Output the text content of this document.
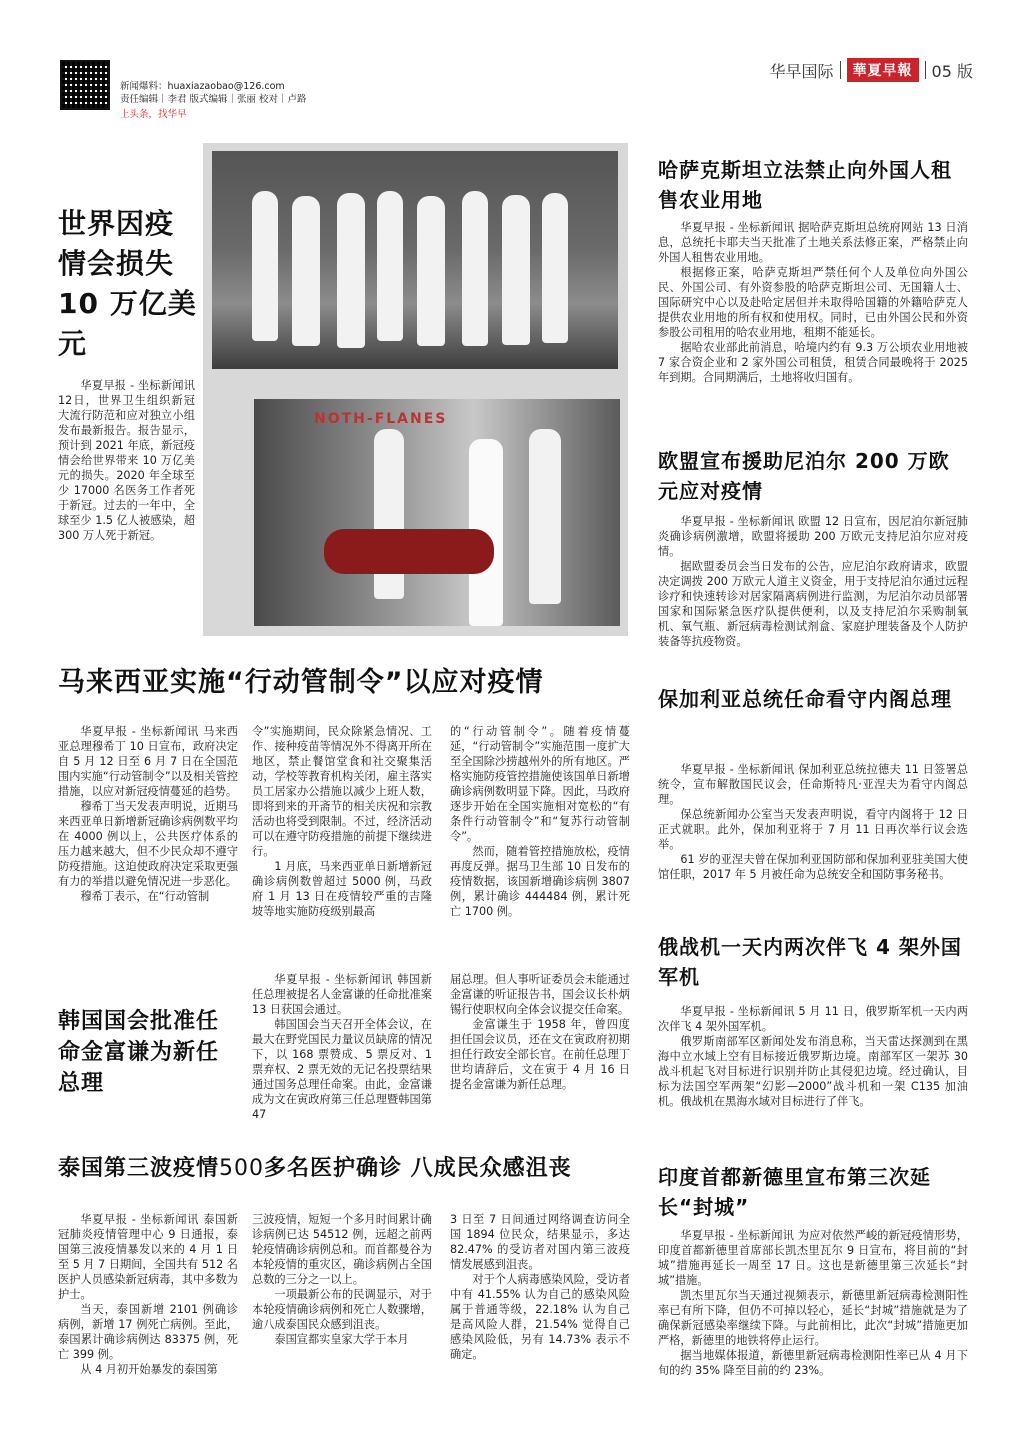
新闻爆料：huaxiazaobao@126.com
责任编辑｜李君 版式编辑｜张丽 校对｜卢路
上头条，找华早
华早国际	華夏早報	05 版
世界因疫情会损失10 万亿美元

华夏早报 - 坐标新闻讯 12日，世界卫生组织新冠大流行防范和应对独立小组发布最新报告。报告显示，预计到 2021 年底，新冠疫情会给世界带来 10 万亿美元的损失。2020 年全球至少 17000 名医务工作者死于新冠。过去的一年中，全球至少 1.5 亿人被感染，超 300 万人死于新冠。

NOTH-FLANES
哈萨克斯坦立法禁止向外国人租售农业用地

华夏早报 - 坐标新闻讯 据哈萨克斯坦总统府网站 13 日消息，总统托卡耶夫当天批准了土地关系法修正案，严格禁止向外国人租售农业用地。

根据修正案，哈萨克斯坦严禁任何个人及单位向外国公民、外国公司、有外资参股的哈萨克斯坦公司、无国籍人士、国际研究中心以及赴哈定居但并未取得哈国籍的外籍哈萨克人提供农业用地的所有权和使用权。同时，已由外国公民和外资参股公司租用的哈农业用地，租期不能延长。

据哈农业部此前消息，哈境内约有 9.3 万公顷农业用地被 7 家合资企业和 2 家外国公司租赁，租赁合同最晚将于 2025 年到期。合同期满后，土地将收归国有。

欧盟宣布援助尼泊尔 200 万欧元应对疫情

华夏早报 - 坐标新闻讯 欧盟 12 日宣布，因尼泊尔新冠肺炎确诊病例激增，欧盟将援助 200 万欧元支持尼泊尔应对疫情。

据欧盟委员会当日发布的公告，应尼泊尔政府请求，欧盟决定调拨 200 万欧元人道主义资金，用于支持尼泊尔通过远程诊疗和快速转诊对居家隔离病例进行监测，为尼泊尔动员部署国家和国际紧急医疗队提供便利，以及支持尼泊尔采购制氧机、氧气瓶、新冠病毒检测试剂盒、家庭护理装备及个人防护装备等抗疫物资。

马来西亚实施“行动管制令”以应对疫情

华夏早报 - 坐标新闻讯 马来西亚总理穆希丁 10 日宣布，政府决定自 5 月 12 日至 6 月 7 日在全国范围内实施“行动管制令”以及相关管控措施，以应对新冠疫情蔓延的趋势。

穆希丁当天发表声明说，近期马来西亚单日新增新冠确诊病例数平均在 4000 例以上，公共医疗体系的压力越来越大，但不少民众却不遵守防疫措施。这迫使政府决定采取更强有力的举措以避免情况进一步恶化。

穆希丁表示，在“行动管制

令”实施期间，民众除紧急情况、工作、接种疫苗等情况外不得离开所在地区，禁止餐馆堂食和社交聚集活动，学校等教育机构关闭，雇主落实员工居家办公措施以减少上班人数，即将到来的开斋节的相关庆祝和宗教活动也将受到限制。不过，经济活动可以在遵守防疫措施的前提下继续进行。

1 月底，马来西亚单日新增新冠确诊病例数曾超过 5000 例，马政府 1 月 13 日在疫情较严重的吉隆坡等地实施防疫级别最高

的“行动管制令”。随着疫情蔓延，“行动管制令”实施范围一度扩大至全国除沙捞越州外的所有地区。严格实施防疫管控措施使该国单日新增确诊病例数明显下降。因此，马政府逐步开始在全国实施相对宽松的“有条件行动管制令”和“复苏行动管制令”。

然而，随着管控措施放松，疫情再度反弹。据马卫生部 10 日发布的疫情数据，该国新增确诊病例 3807 例，累计确诊 444484 例，累计死亡 1700 例。

韩国国会批准任命金富谦为新任总理

华夏早报 - 坐标新闻讯 韩国新任总理被提名人金富谦的任命批准案 13 日获国会通过。

韩国国会当天召开全体会议，在最大在野党国民力量议员缺席的情况下，以 168 票赞成、5 票反对、1 票弃权、2 票无效的无记名投票结果通过国务总理任命案。由此，金富谦成为文在寅政府第三任总理暨韩国第 47

届总理。但人事听证委员会未能通过金富谦的听证报告书，国会议长朴炳锡行使职权向全体会议提交任命案。

金富谦生于 1958 年，曾四度担任国会议员，还在文在寅政府初期担任行政安全部长官。在前任总理丁世均请辞后，文在寅于 4 月 16 日提名金富谦为新任总理。

泰国第三波疫情500多名医护确诊 八成民众感沮丧

华夏早报 - 坐标新闻讯 泰国新冠肺炎疫情管理中心 9 日通报，泰国第三波疫情暴发以来的 4 月 1 日至 5 月 7 日期间，全国共有 512 名医护人员感染新冠病毒，其中多数为护士。

当天，泰国新增 2101 例确诊病例，新增 17 例死亡病例。至此，泰国累计确诊病例达 83375 例，死亡 399 例。

从 4 月初开始暴发的泰国第

三波疫情，短短一个多月时间累计确诊病例已达 54512 例，远超之前两轮疫情确诊病例总和。而首都曼谷为本轮疫情的重灾区，确诊病例占全国总数的三分之一以上。

一项最新公布的民调显示，对于本轮疫情确诊病例和死亡人数骤增，逾八成泰国民众感到沮丧。

泰国宣都实皇家大学于本月

3 日至 7 日间通过网络调查访问全国 1894 位民众，结果显示，多达 82.47% 的受访者对国内第三波疫情发展感到沮丧。

对于个人病毒感染风险，受访者中有 41.55% 认为自己的感染风险属于普通等级，22.18% 认为自己是高风险人群，21.54% 觉得自己感染风险低，另有 14.73% 表示不确定。

保加利亚总统任命看守内阁总理

华夏早报 - 坐标新闻讯 保加利亚总统拉德夫 11 日签署总统令，宣布解散国民议会，任命斯特凡·亚涅夫为看守内阁总理。

保总统新闻办公室当天发表声明说，看守内阁将于 12 日正式就职。此外，保加利亚将于 7 月 11 日再次举行议会选举。

61 岁的亚涅夫曾在保加利亚国防部和保加利亚驻美国大使馆任职，2017 年 5 月被任命为总统安全和国防事务秘书。

俄战机一天内两次伴飞 4 架外国军机

华夏早报 - 坐标新闻讯 5 月 11 日，俄罗斯军机一天内两次伴飞 4 架外国军机。

俄罗斯南部军区新闻处发布消息称，当天雷达探测到在黑海中立水域上空有目标接近俄罗斯边境。南部军区一架苏 30 战斗机起飞对目标进行识别并防止其侵犯边境。经过确认，目标为法国空军两架“幻影—2000”战斗机和一架 C135 加油机。俄战机在黑海水域对目标进行了伴飞。

印度首都新德里宣布第三次延长“封城”

华夏早报 - 坐标新闻讯 为应对依然严峻的新冠疫情形势，印度首都新德里首席部长凯杰里瓦尔 9 日宣布，将目前的“封城”措施再延长一周至 17 日。这也是新德里第三次延长“封城”措施。

凯杰里瓦尔当天通过视频表示，新德里新冠病毒检测阳性率已有所下降，但仍不可掉以轻心，延长“封城”措施就是为了确保新冠感染率继续下降。与此前相比，此次“封城”措施更加严格，新德里的地铁将停止运行。

据当地媒体报道，新德里新冠病毒检测阳性率已从 4 月下旬的约 35% 降至目前的约 23%。
